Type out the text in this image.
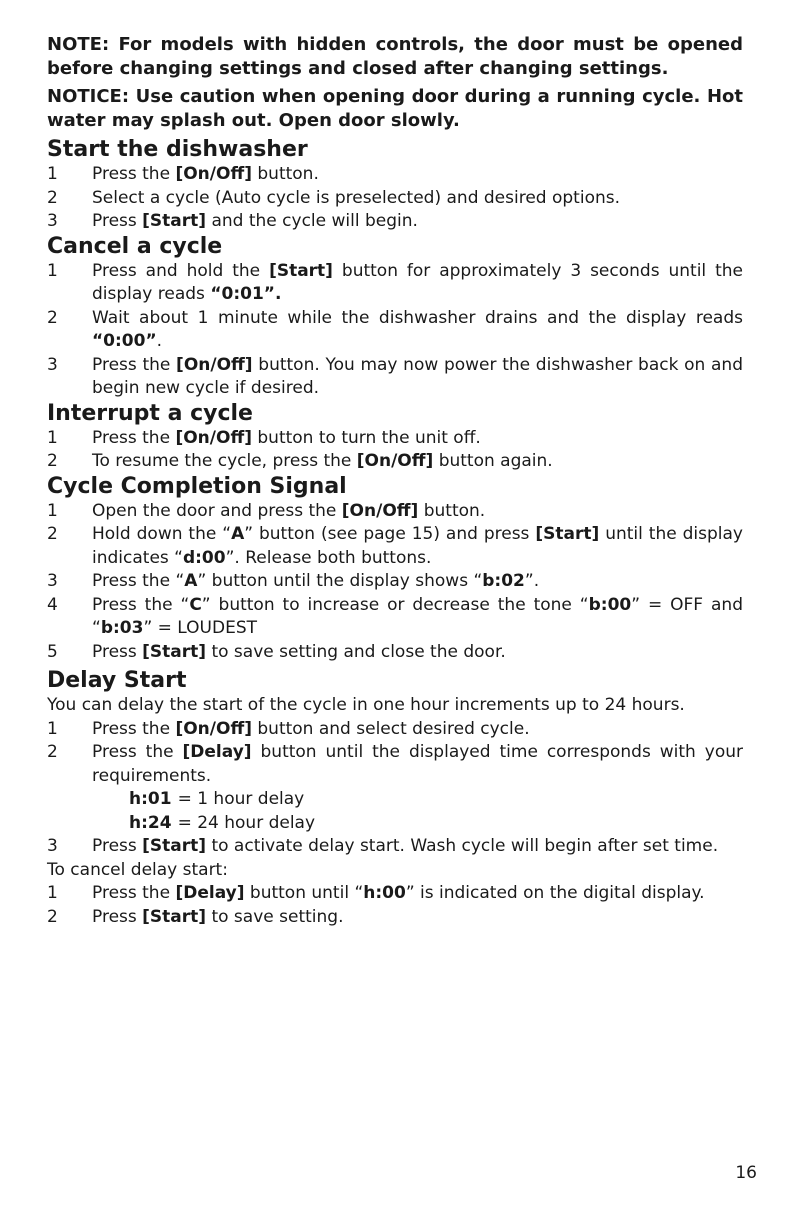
NOTE: For models with hidden controls, the door must be opened before changing settings and closed after changing settings.
NOTICE: Use caution when opening door during a running cycle. Hot water may splash out. Open door slowly.
Start the dishwasher
1	Press the [On/Off] button.
2	Select a cycle (Auto cycle is preselected) and desired options.
3	Press [Start] and the cycle will begin.
Cancel a cycle
1	Press and hold the [Start] button for approximately 3 seconds until the display reads “0:01”.
2	Wait about 1 minute while the dishwasher drains and the display reads “0:00”.
3	Press the [On/Off] button. You may now power the dishwasher back on and begin new cycle if desired.
Interrupt a cycle
1	Press the [On/Off] button to turn the unit off.
2	To resume the cycle, press the [On/Off] button again.
Cycle Completion Signal
1	Open the door and press the [On/Off] button.
2	Hold down the “A” button (see page 15) and press [Start] until the display indicates “d:00”. Release both buttons.
3	Press the “A” button until the display shows “b:02”.
4	Press the “C” button to increase or decrease the tone “b:00” = OFF and “b:03” = LOUDEST
5	Press [Start] to save setting and close the door.
Delay Start
You can delay the start of the cycle in one hour increments up to 24 hours.
1	Press the [On/Off] button and select desired cycle.
2	Press the [Delay] button until the displayed time corresponds with your requirements.
h:01 = 1 hour delay
h:24 = 24 hour delay
3	Press [Start] to activate delay start. Wash cycle will begin after set time.
To cancel delay start:
1	Press the [Delay] button until “h:00” is indicated on the digital display.
2	Press [Start] to save setting.
16
